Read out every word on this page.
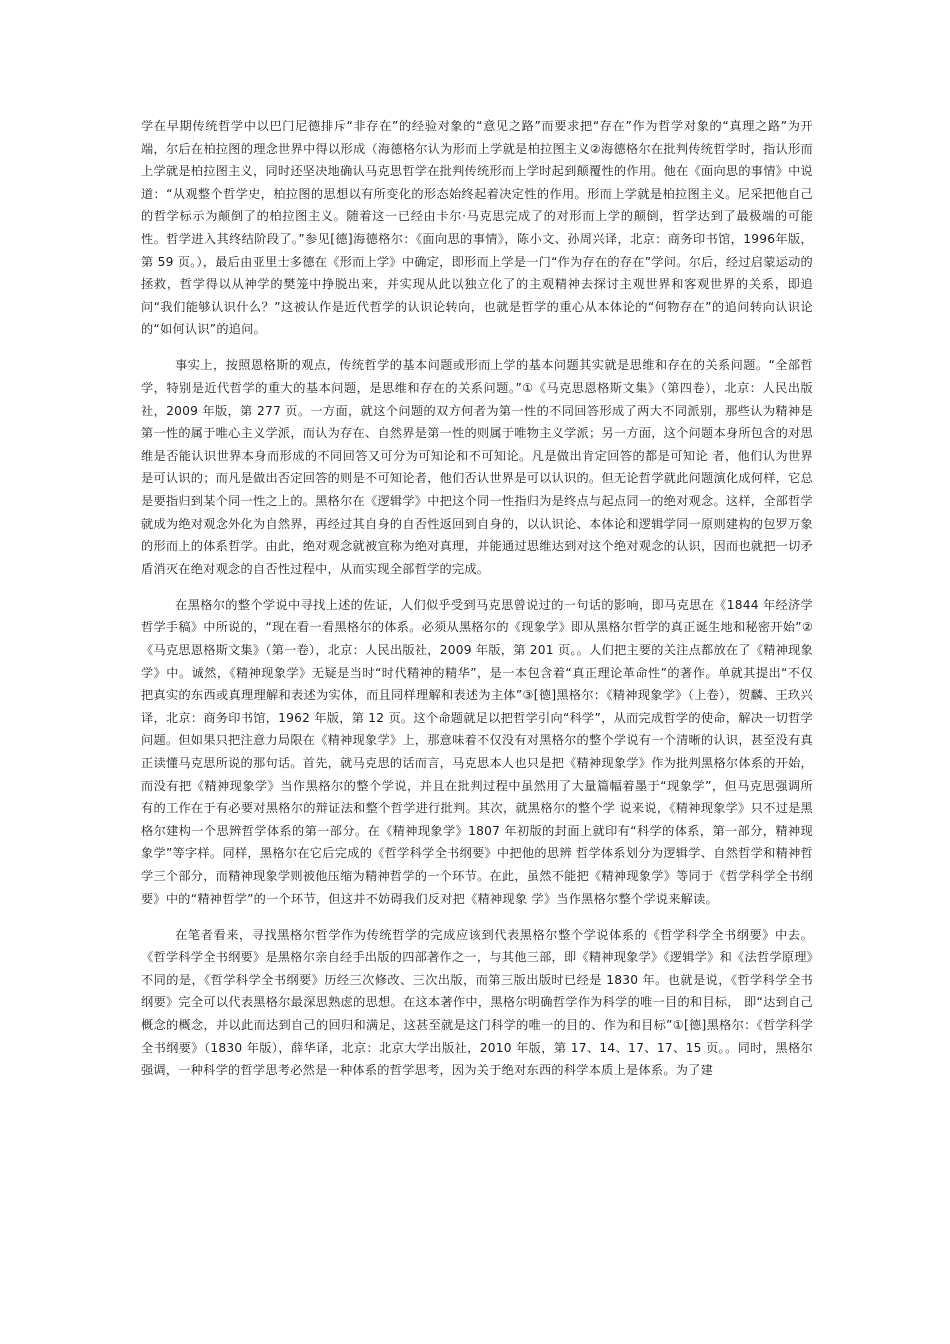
学在早期传统哲学中以巴门尼德排斥“非存在”的经验对象的“意见之路”而要求把“存在”作为哲学对象的“真理之路”为开端，尔后在柏拉图的理念世界中得以形成（海德格尔认为形而上学就是柏拉图主义②海德格尔在批判传统哲学时，指认形而上学就是柏拉图主义，同时还坚决地确认马克思哲学在批判传统形而上学时起到颠覆性的作用。他在《面向思的事情》中说道：“从观整个哲学史，柏拉图的思想以有所变化的形态始终起着决定性的作用。形而上学就是柏拉图主义。尼采把他自己的哲学标示为颠倒了的柏拉图主义。随着这一已经由卡尔·马克思完成了的对形而上学的颠倒，哲学达到了最极端的可能性。哲学进入其终结阶段了。”参见[德]海德格尔：《面向思的事情》，陈小文、孙周兴译，北京：商务印书馆，1996年版，第 59 页。），最后由亚里士多德在《形而上学》中确定，即形而上学是一门“作为存在的存在”学问。尔后，经过启蒙运动的拯救，哲学得以从神学的樊笼中挣脱出来，并实现从此以独立化了的主观精神去探讨主观世界和客观世界的关系，即追问“我们能够认识什么？”这被认作是近代哲学的认识论转向，也就是哲学的重心从本体论的“何物存在”的追问转向认识论的“如何认识”的追问。

事实上，按照恩格斯的观点，传统哲学的基本问题或形而上学的基本问题其实就是思维和存在的关系问题。“全部哲学，特别是近代哲学的重大的基本问题，是思维和存在的关系问题。”①《马克思恩格斯文集》（第四卷），北京：人民出版社，2009 年版，第 277 页。一方面，就这个问题的双方何者为第一性的不同回答形成了两大不同派别，那些认为精神是第一性的属于唯心主义学派，而认为存在、自然界是第一性的则属于唯物主义学派；另一方面，这个问题本身所包含的对思维是否能认识世界本身而形成的不同回答又可分为可知论和不可知论。凡是做出肯定回答的都是可知论 者，他们认为世界是可认识的；而凡是做出否定回答的则是不可知论者，他们否认世界是可以认识的。但无论哲学就此问题演化成何样，它总是要指归到某个同一性之上的。黑格尔在《逻辑学》中把这个同一性指归为是终点与起点同一的绝对观念。这样，全部哲学就成为绝对观念外化为自然界，再经过其自身的自否性返回到自身的，以认识论、本体论和逻辑学同一原则建构的包罗万象的形而上的体系哲学。由此，绝对观念就被宣称为绝对真理，并能通过思维达到对这个绝对观念的认识，因而也就把一切矛盾消灭在绝对观念的自否性过程中，从而实现全部哲学的完成。

在黑格尔的整个学说中寻找上述的佐证，人们似乎受到马克思曾说过的一句话的影响，即马克思在《1844 年经济学哲学手稿》中所说的，“现在看一看黑格尔的体系。必须从黑格尔的《现象学》即从黑格尔哲学的真正诞生地和秘密开始”②《马克思恩格斯文集》（第一卷），北京：人民出版社，2009 年版，第 201 页。。人们把主要的关注点都放在了《精神现象学》中。诚然，《精神现象学》无疑是当时“时代精神的精华”，是一本包含着“真正理论革命性”的著作。单就其提出“不仅把真实的东西或真理理解和表述为实体，而且同样理解和表述为主体”③[德]黑格尔：《精神现象学》（上卷），贺麟、王玖兴译，北京：商务印书馆，1962 年版，第 12 页。这个命题就足以把哲学引向“科学”，从而完成哲学的使命，解决一切哲学问题。但如果只把注意力局限在《精神现象学》上，那意味着不仅没有对黑格尔的整个学说有一个清晰的认识，甚至没有真正读懂马克思所说的那句话。首先，就马克思的话而言，马克思本人也只是把《精神现象学》作为批判黑格尔体系的开始，而没有把《精神现象学》当作黑格尔的整个学说，并且在批判过程中虽然用了大量篇幅着墨于“现象学”，但马克思强调所有的工作在于有必要对黑格尔的辩证法和整个哲学进行批判。其次，就黑格尔的整个学 说来说，《精神现象学》只不过是黑格尔建构一个思辨哲学体系的第一部分。在《精神现象学》1807 年初版的封面上就印有“科学的体系，第一部分，精神现象学”等字样。同样，黑格尔在它后完成的《哲学科学全书纲要》中把他的思辨 哲学体系划分为逻辑学、自然哲学和精神哲学三个部分，而精神现象学则被他压缩为精神哲学的一个环节。在此，虽然不能把《精神现象学》等同于《哲学科学全书纲要》中的“精神哲学”的一个环节，但这并不妨碍我们反对把《精神现象 学》当作黑格尔整个学说来解读。

在笔者看来，寻找黑格尔哲学作为传统哲学的完成应该到代表黑格尔整个学说体系的《哲学科学全书纲要》中去。《哲学科学全书纲要》是黑格尔亲自经手出版的四部著作之一，与其他三部，即《精神现象学》《逻辑学》和《法哲学原理》不同的是，《哲学科学全书纲要》历经三次修改、三次出版，而第三版出版时已经是 1830 年。也就是说，《哲学科学全书纲要》完全可以代表黑格尔最深思熟虑的思想。在这本著作中，黑格尔明确哲学作为科学的唯一目的和目标， 即“达到自己概念的概念，并以此而达到自己的回归和满足，这甚至就是这门科学的唯一的目的、作为和目标”①[德]黑格尔：《哲学科学全书纲要》（1830 年版），薛华译，北京：北京大学出版社，2010 年版，第 17、14、17、17、15 页。。同时，黑格尔强调，一种科学的哲学思考必然是一种体系的哲学思考，因为关于绝对东西的科学本质上是体系。为了建
